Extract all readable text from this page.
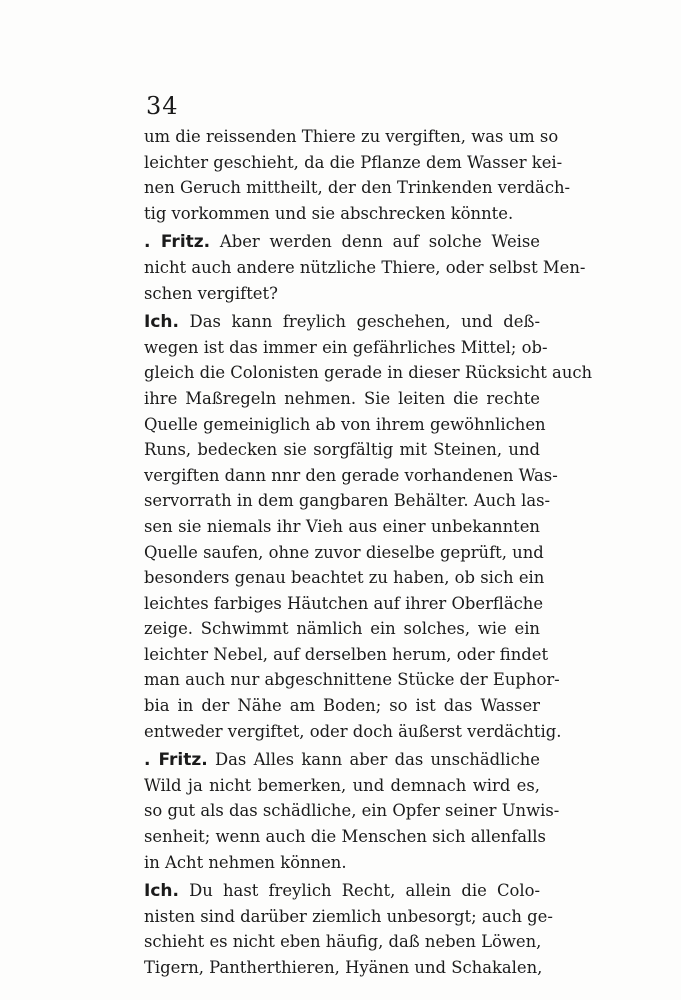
34
um die reissenden Thiere zu vergiften, was um so
leichter geschieht, da die Pflanze dem Wasser kei-
nen Geruch mittheilt, der den Trinkenden verdäch-
tig vorkommen und sie abschrecken könnte.
. Fritz. Aber werden denn auf solche Weise
nicht auch andere nützliche Thiere, oder selbst Men-
schen vergiftet?
Ich. Das kann freylich geschehen, und deß-
wegen ist das immer ein gefährliches Mittel; ob-
gleich die Colonisten gerade in dieser Rücksicht auch
ihre Maßregeln nehmen. Sie leiten die rechte
Quelle gemeiniglich ab von ihrem gewöhnlichen
Runs, bedecken sie sorgfältig mit Steinen, und
vergiften dann nnr den gerade vorhandenen Was-
servorrath in dem gangbaren Behälter. Auch las-
sen sie niemals ihr Vieh aus einer unbekannten
Quelle saufen, ohne zuvor dieselbe geprüft, und
besonders genau beachtet zu haben, ob sich ein
leichtes farbiges Häutchen auf ihrer Oberfläche
zeige. Schwimmt nämlich ein solches, wie ein
leichter Nebel, auf derselben herum, oder findet
man auch nur abgeschnittene Stücke der Euphor-
bia in der Nähe am Boden; so ist das Wasser
entweder vergiftet, oder doch äußerst verdächtig.
. Fritz. Das Alles kann aber das unschädliche
Wild ja nicht bemerken, und demnach wird es,
so gut als das schädliche, ein Opfer seiner Unwis-
senheit; wenn auch die Menschen sich allenfalls
in Acht nehmen können.
Ich. Du hast freylich Recht, allein die Colo-
nisten sind darüber ziemlich unbesorgt; auch ge-
schieht es nicht eben häufig, daß neben Löwen,
Tigern, Pantherthieren, Hyänen und Schakalen,
